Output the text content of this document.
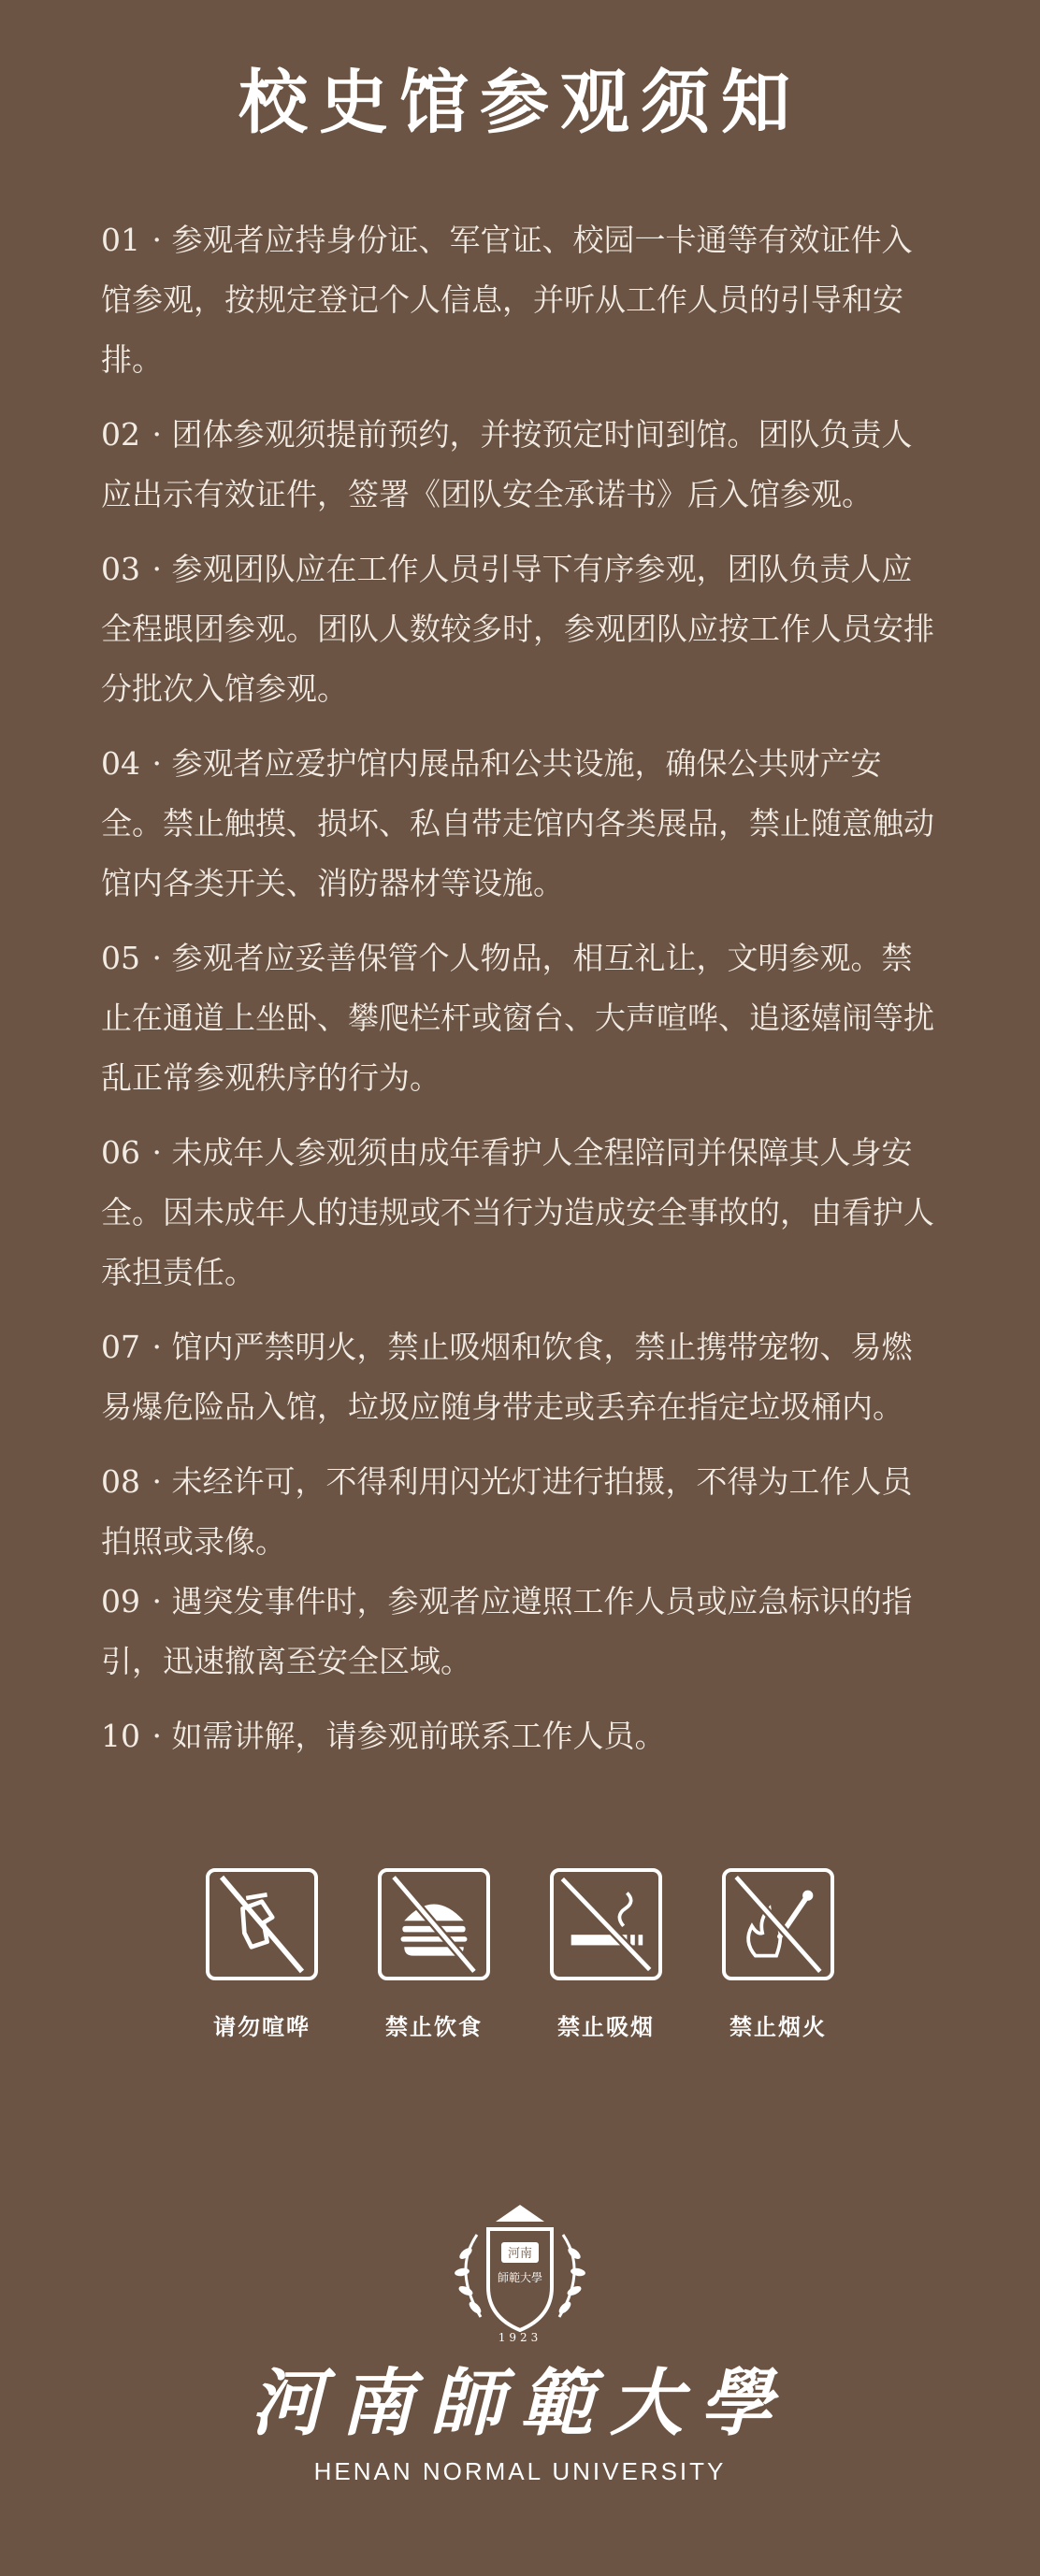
校史馆参观须知
01 · 参观者应持身份证、军官证、校园一卡通等有效证件入馆参观，按规定登记个人信息，并听从工作人员的引导和安排。
02 · 团体参观须提前预约，并按预定时间到馆。团队负责人应出示有效证件，签署《团队安全承诺书》后入馆参观。
03 · 参观团队应在工作人员引导下有序参观，团队负责人应全程跟团参观。团队人数较多时，参观团队应按工作人员安排分批次入馆参观。
04 · 参观者应爱护馆内展品和公共设施，确保公共财产安全。禁止触摸、损坏、私自带走馆内各类展品，禁止随意触动馆内各类开关、消防器材等设施。
05 · 参观者应妥善保管个人物品，相互礼让，文明参观。禁止在通道上坐卧、攀爬栏杆或窗台、大声喧哗、追逐嬉闹等扰乱正常参观秩序的行为。
06 · 未成年人参观须由成年看护人全程陪同并保障其人身安全。因未成年人的违规或不当行为造成安全事故的，由看护人承担责任。
07 · 馆内严禁明火，禁止吸烟和饮食，禁止携带宠物、易燃易爆危险品入馆，垃圾应随身带走或丢弃在指定垃圾桶内。
08 · 未经许可，不得利用闪光灯进行拍摄，不得为工作人员拍照或录像。
09 · 遇突发事件时，参观者应遵照工作人员或应急标识的指引，迅速撤离至安全区域。
10 · 如需讲解，请参观前联系工作人员。
请勿喧哗	禁止饮食	禁止吸烟	禁止烟火
河南
師範大學
1923
河南師範大學
HENAN NORMAL UNIVERSITY
